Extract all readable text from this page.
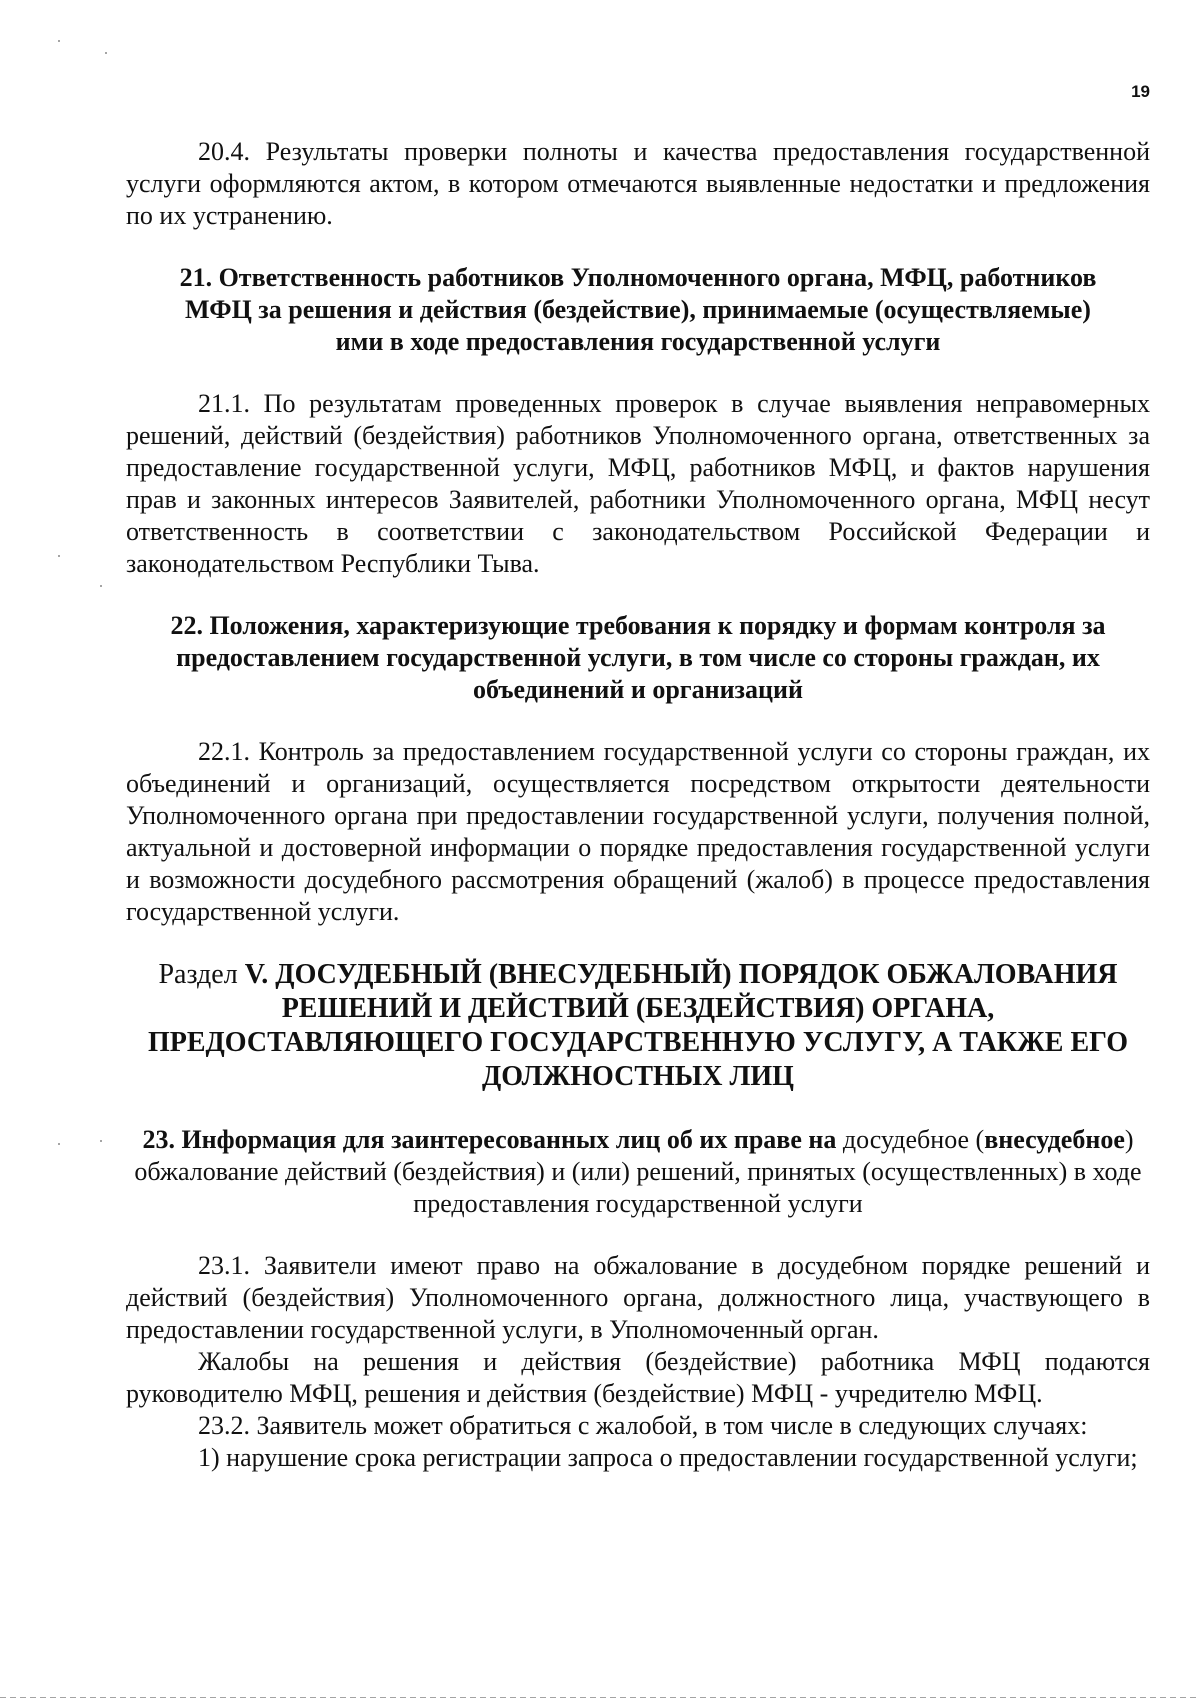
19

20.4. Результаты проверки полноты и качества предоставления государственной услуги оформляются актом, в котором отмечаются выявленные недостатки и предложения по их устранению.

21. Ответственность работников Уполномоченного органа, МФЦ, работников МФЦ за решения и действия (бездействие), принимаемые (осуществляемые) ими в ходе предоставления государственной услуги

21.1. По результатам проведенных проверок в случае выявления неправомерных решений, действий (бездействия) работников Уполномоченного органа, ответственных за предоставление государственной услуги, МФЦ, работников МФЦ, и фактов нарушения прав и законных интересов Заявителей, работники Уполномоченного органа, МФЦ несут ответственность в соответствии с законодательством Российской Федерации и законодательством Республики Тыва.

22. Положения, характеризующие требования к порядку и формам контроля за предоставлением государственной услуги, в том числе со стороны граждан, их объединений и организаций

22.1. Контроль за предоставлением государственной услуги со стороны граждан, их объединений и организаций, осуществляется посредством открытости деятельности Уполномоченного органа при предоставлении государственной услуги, получения полной, актуальной и достоверной информации о порядке предоставления государственной услуги и возможности досудебного рассмотрения обращений (жалоб) в процессе предоставления государственной услуги.

Раздел V. ДОСУДЕБНЫЙ (ВНЕСУДЕБНЫЙ) ПОРЯДОК ОБЖАЛОВАНИЯ РЕШЕНИЙ И ДЕЙСТВИЙ (БЕЗДЕЙСТВИЯ) ОРГАНА, ПРЕДОСТАВЛЯЮЩЕГО ГОСУДАРСТВЕННУЮ УСЛУГУ, А ТАКЖЕ ЕГО ДОЛЖНОСТНЫХ ЛИЦ
23. Информация для заинтересованных лиц об их праве на досудебное (внесудебное) обжалование действий (бездействия) и (или) решений, принятых (осуществленных) в ходе предоставления государственной услуги

23.1. Заявители имеют право на обжалование в досудебном порядке решений и действий (бездействия) Уполномоченного органа, должностного лица, участвующего в предоставлении государственной услуги, в Уполномоченный орган.

Жалобы на решения и действия (бездействие) работника МФЦ подаются руководителю МФЦ, решения и действия (бездействие) МФЦ - учредителю МФЦ.

23.2. Заявитель может обратиться с жалобой, в том числе в следующих случаях:

1) нарушение срока регистрации запроса о предоставлении государственной услуги;
